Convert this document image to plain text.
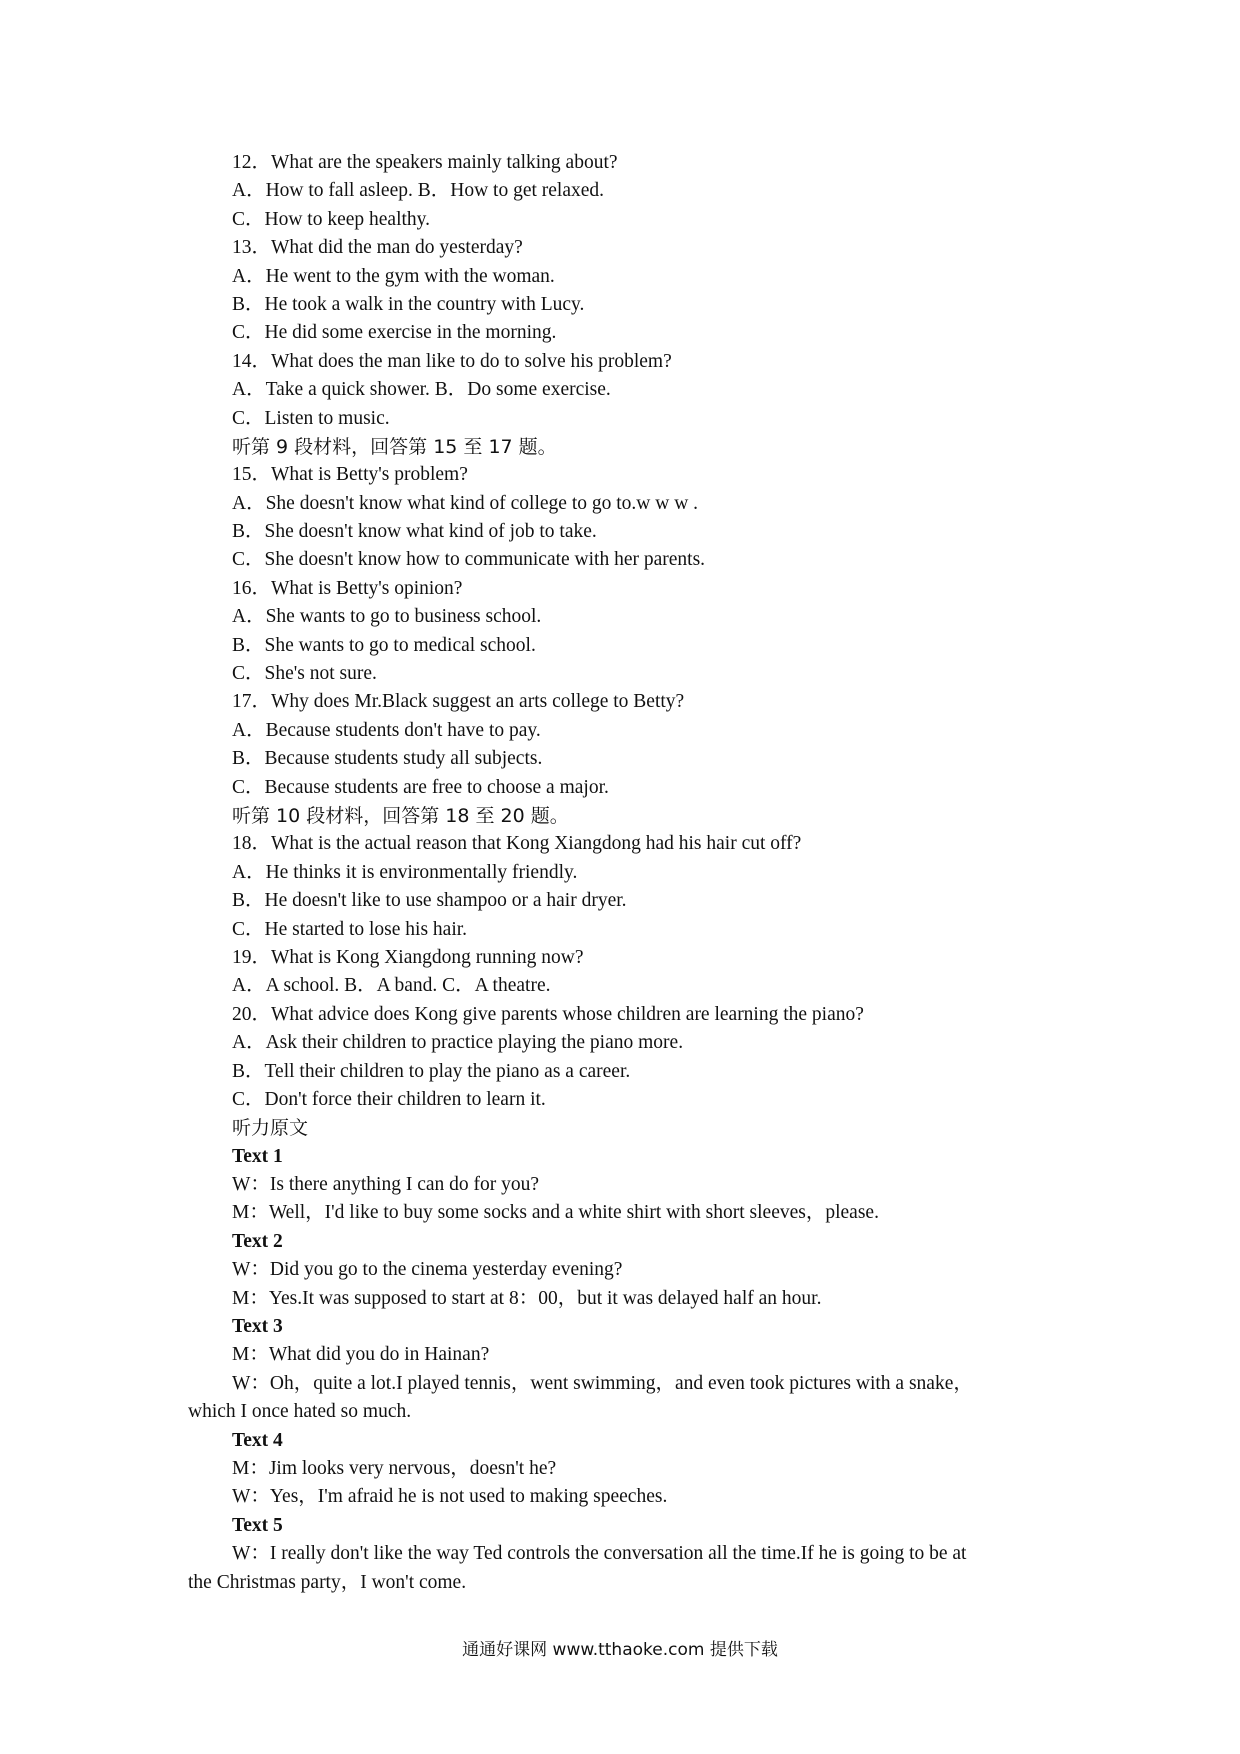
12．What are the speakers mainly talking about?
A．How to fall asleep. B．How to get relaxed.
C．How to keep healthy.
13．What did the man do yesterday?
A．He went to the gym with the woman.
B．He took a walk in the country with Lucy.
C．He did some exercise in the morning.
14．What does the man like to do to solve his problem?
A．Take a quick shower. B．Do some exercise.
C．Listen to music.
听第 9 段材料，回答第 15 至 17 题。
15．What is Betty's problem?
A．She doesn't know what kind of college to go to.w w w .
B．She doesn't know what kind of job to take.
C．She doesn't know how to communicate with her parents.
16．What is Betty's opinion?
A．She wants to go to business school.
B．She wants to go to medical school.
C．She's not sure.
17．Why does Mr.Black suggest an arts college to Betty?
A．Because students don't have to pay.
B．Because students study all subjects.
C．Because students are free to choose a major.
听第 10 段材料，回答第 18 至 20 题。
18．What is the actual reason that Kong Xiangdong had his hair cut off?
A．He thinks it is environmentally friendly.
B．He doesn't like to use shampoo or a hair dryer.
C．He started to lose his hair.
19．What is Kong Xiangdong running now?
A．A school. B．A band. C．A theatre.
20．What advice does Kong give parents whose children are learning the piano?
A．Ask their children to practice playing the piano more.
B．Tell their children to play the piano as a career.
C．Don't force their children to learn it.
听力原文
Text 1
W：Is there anything I can do for you?
M：Well，I'd like to buy some socks and a white shirt with short sleeves，please.
Text 2
W：Did you go to the cinema yesterday evening?
M：Yes.It was supposed to start at 8：00，but it was delayed half an hour.
Text 3
M：What did you do in Hainan?
W：Oh，quite a lot.I played tennis，went swimming，and even took pictures with a snake，
which I once hated so much.
Text 4
M：Jim looks very nervous，doesn't he?
W：Yes，I'm afraid he is not used to making speeches.
Text 5
W：I really don't like the way Ted controls the conversation all the time.If he is going to be at
the Christmas party，I won't come.
通通好课网 www.tthaoke.com 提供下载
